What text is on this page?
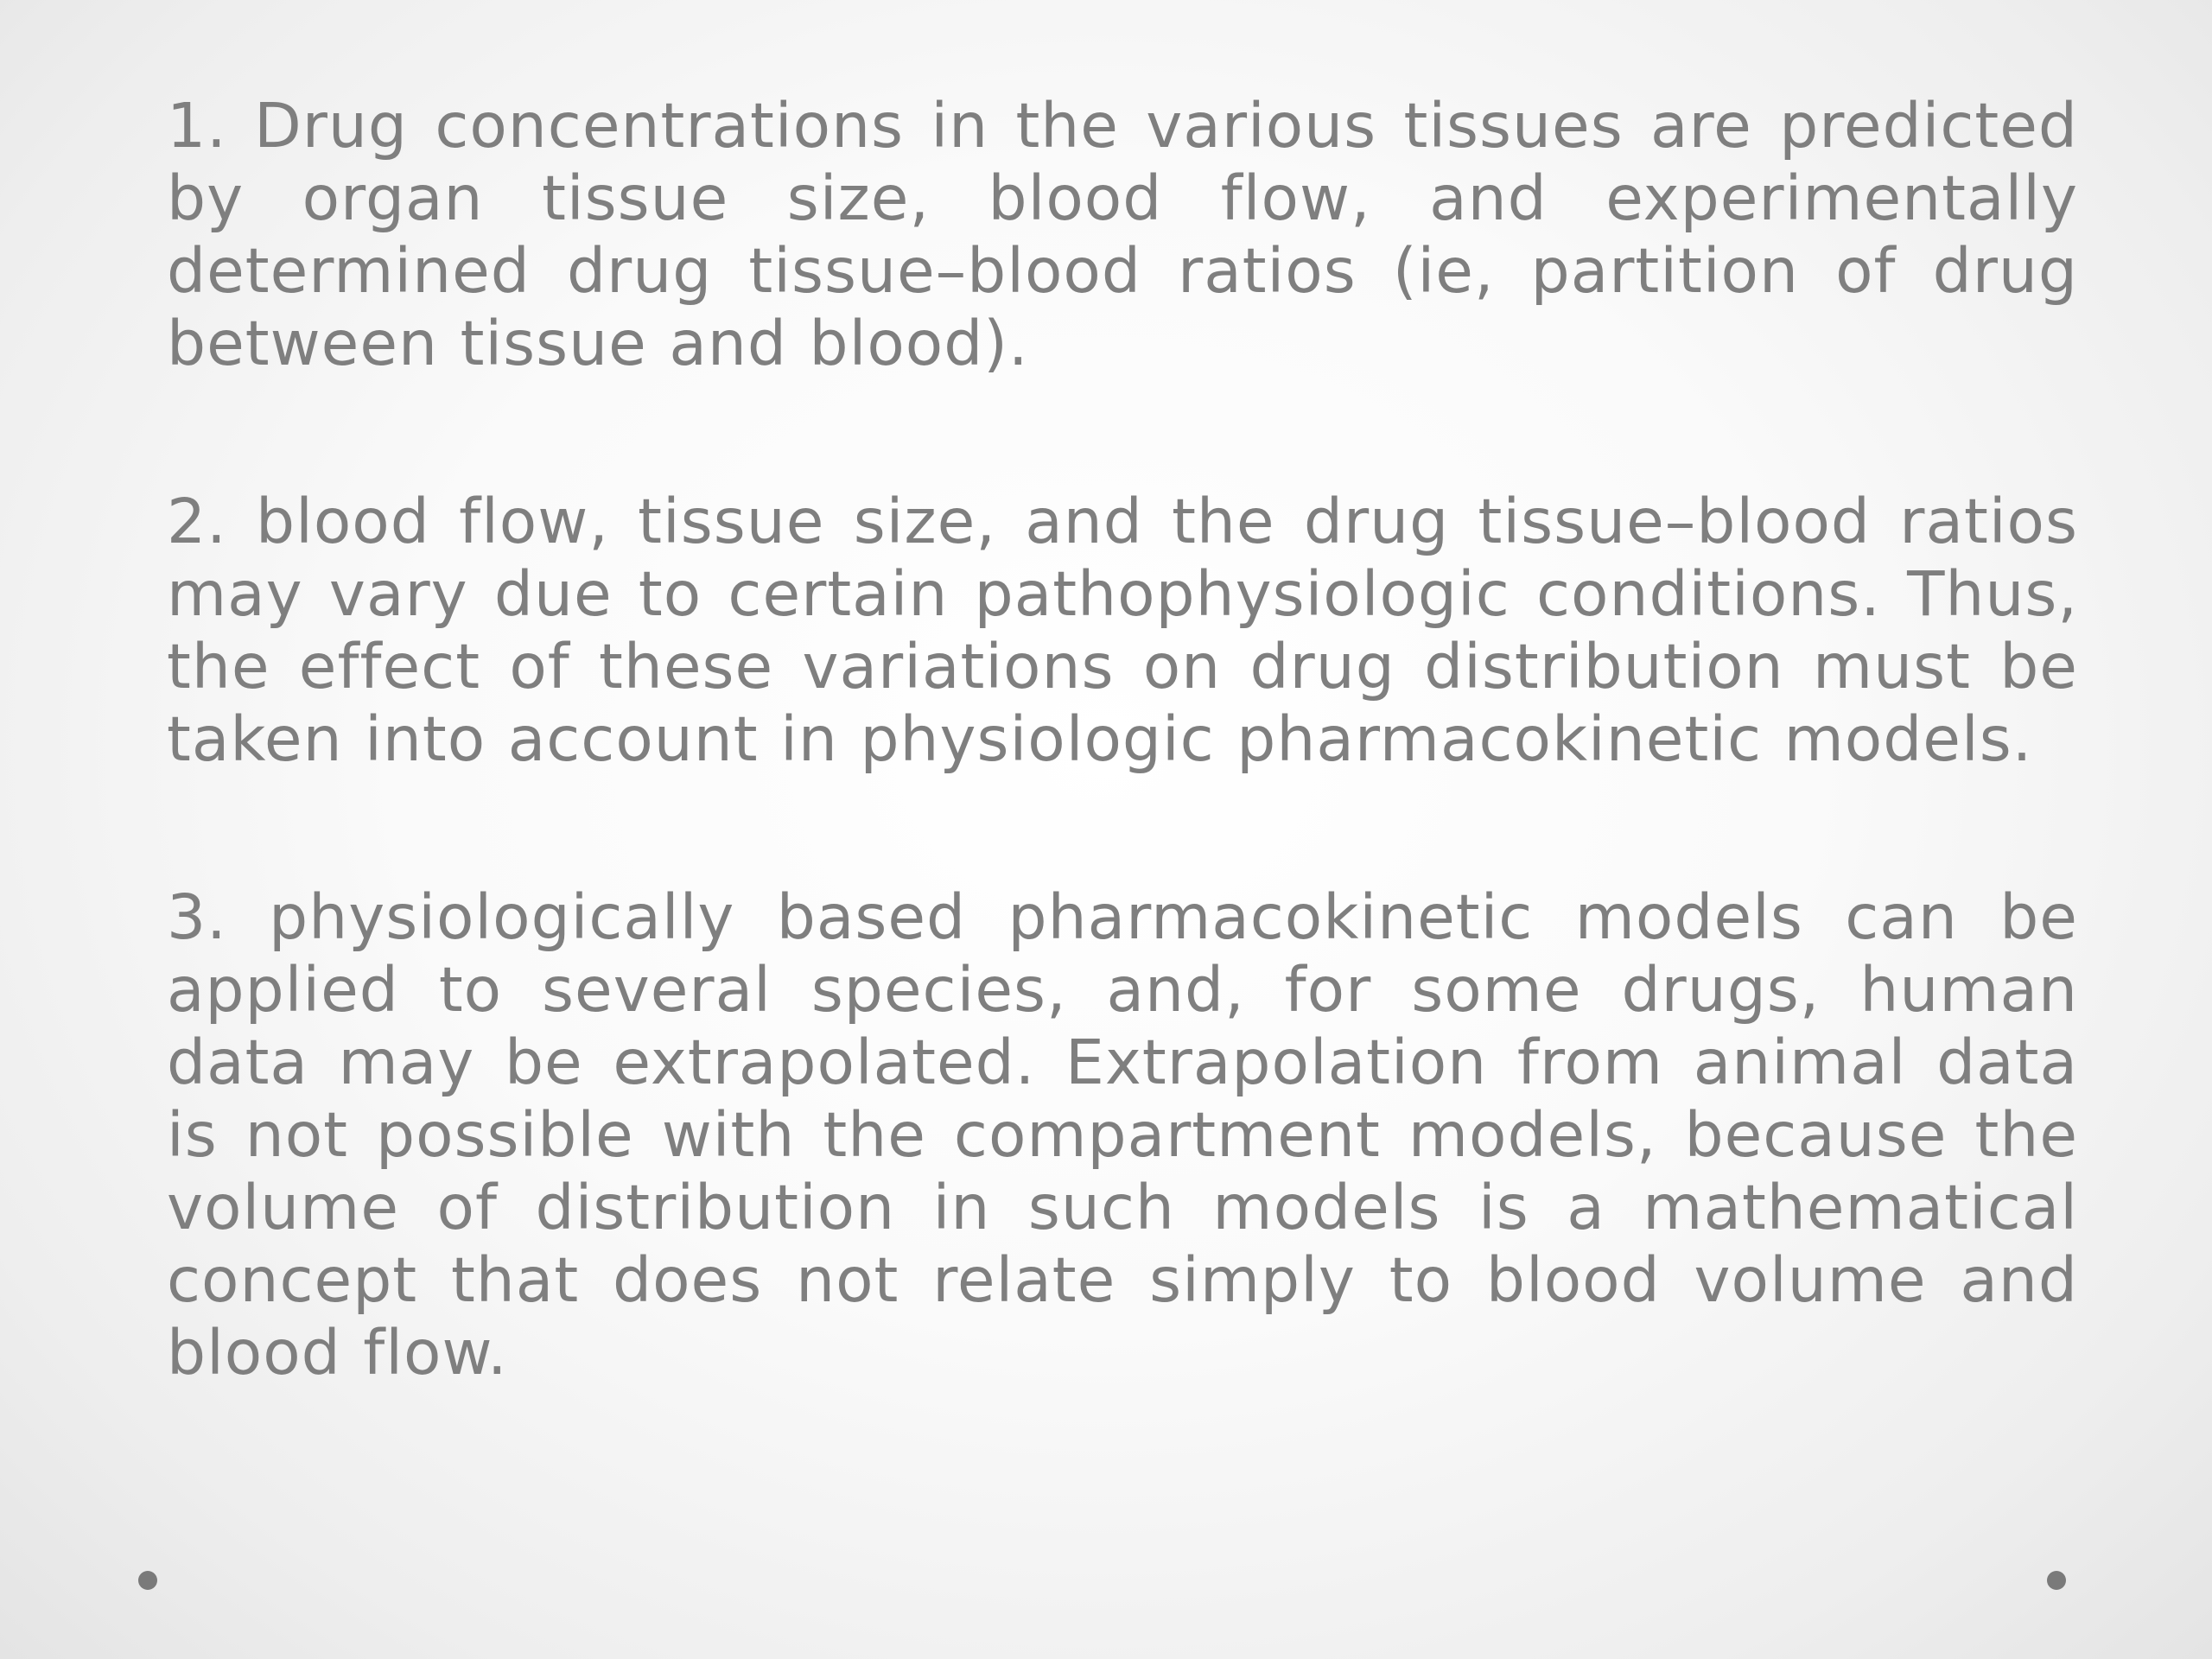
1. Drug concentrations in the various tissues are predicted by organ tissue size, blood flow, and experimentally determined drug tissue–blood ratios (ie, partition of drug between tissue and blood).

2. blood flow, tissue size, and the drug tissue–blood ratios may vary due to certain pathophysiologic conditions. Thus, the effect of these variations on drug distribution must be taken into account in physiologic pharmacokinetic models.

3. physiologically based pharmacokinetic models can be applied to several species, and, for some drugs, human data may be extrapolated. Extrapolation from animal data is not possible with the compartment models, because the volume of distribution in such models is a mathematical concept that does not relate simply to blood volume and blood flow.
